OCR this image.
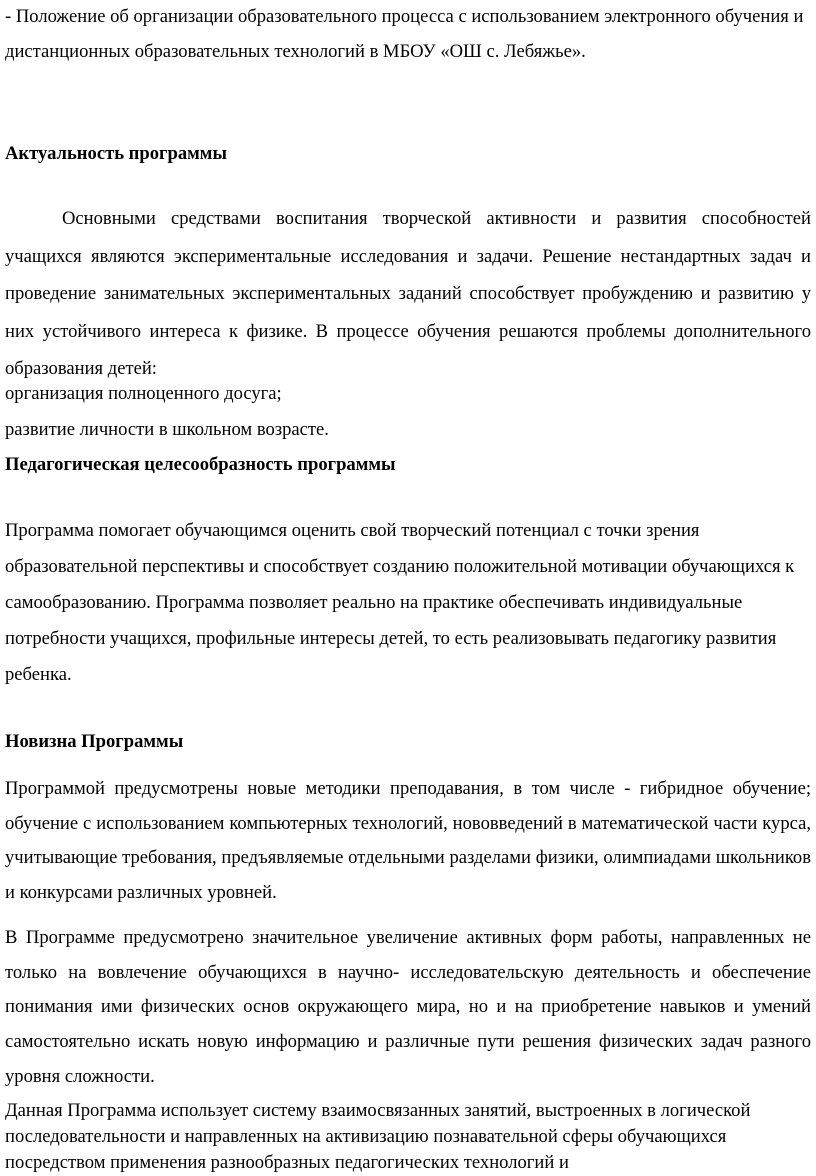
- Положение об организации образовательного процесса с использованием электронного обучения и дистанционных образовательных технологий в МБОУ «ОШ с. Лебяжье».

Актуальность программы

Основными средствами воспитания творческой активности и развития способностей учащихся являются экспериментальные исследования и задачи. Решение нестандартных задач и проведение занимательных экспериментальных заданий способствует пробуждению и развитию у них устойчивого интереса к физике. В процессе обучения решаются проблемы дополнительного образования детей:

организация полноценного досуга;

развитие личности в школьном возрасте.

Педагогическая целесообразность программы

Программа помогает обучающимся оценить свой творческий потенциал с точки зрения образовательной перспективы и способствует созданию положительной мотивации обучающихся к самообразованию. Программа позволяет реально на практике обеспечивать индивидуальные потребности учащихся, профильные интересы детей, то есть реализовывать педагогику развития ребенка.

Новизна Программы

Программой предусмотрены новые методики преподавания, в том числе - гибридное обучение; обучение с использованием компьютерных технологий, нововведений в математической части курса, учитывающие требования, предъявляемые отдельными разделами физики, олимпиадами школьников и конкурсами различных уровней.

В Программе предусмотрено значительное увеличение активных форм работы, направленных не только на вовлечение обучающихся в научно- исследовательскую деятельность и обеспечение понимания ими физических основ окружающего мира, но и на приобретение навыков и умений самостоятельно искать новую информацию и различные пути решения физических задач разного уровня сложности.

Данная Программа использует систему взаимосвязанных занятий, выстроенных в логической последовательности и направленных на активизацию познавательной сферы обучающихся посредством применения разнообразных педагогических технологий и
